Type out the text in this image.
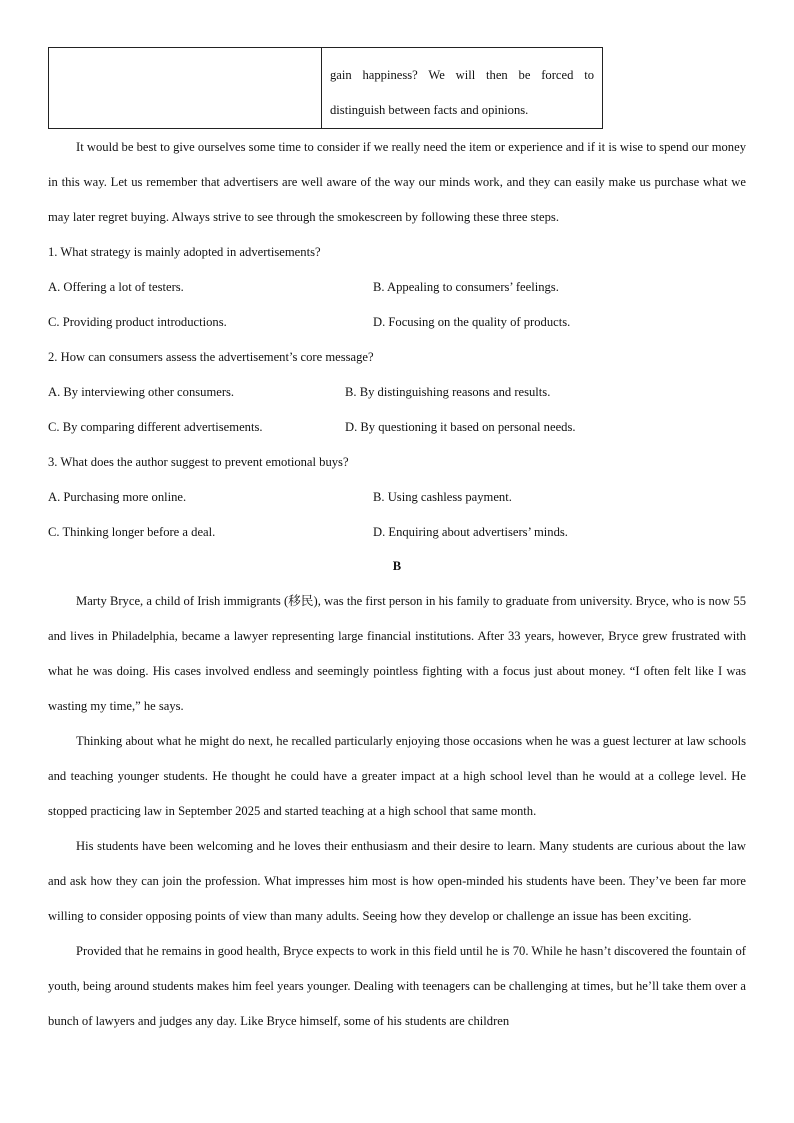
gain happiness? We will then be forced to

distinguish between facts and opinions.

It would be best to give ourselves some time to consider if we really need the item or experience and if it is wise to spend our money in this way. Let us remember that advertisers are well aware of the way our minds work, and they can easily make us purchase what we may later regret buying. Always strive to see through the smokescreen by following these three steps.

1. What strategy is mainly adopted in advertisements?

A. Offering a lot of testers.	B. Appealing to consumers’ feelings.
C. Providing product introductions.	D. Focusing on the quality of products.

2. How can consumers assess the advertisement’s core message?

A. By interviewing other consumers.	B. By distinguishing reasons and results.
C. By comparing different advertisements.	D. By questioning it based on personal needs.

3. What does the author suggest to prevent emotional buys?

A. Purchasing more online.	B. Using cashless payment.
C. Thinking longer before a deal.	D. Enquiring about advertisers’ minds.

B

Marty Bryce, a child of Irish immigrants (移民), was the first person in his family to graduate from university. Bryce, who is now 55 and lives in Philadelphia, became a lawyer representing large financial institutions. After 33 years, however, Bryce grew frustrated with what he was doing. His cases involved endless and seemingly pointless fighting with a focus just about money. “I often felt like I was wasting my time,” he says.

Thinking about what he might do next, he recalled particularly enjoying those occasions when he was a guest lecturer at law schools and teaching younger students. He thought he could have a greater impact at a high school level than he would at a college level. He stopped practicing law in September 2025 and started teaching at a high school that same month.

His students have been welcoming and he loves their enthusiasm and their desire to learn. Many students are curious about the law and ask how they can join the profession. What impresses him most is how open-minded his students have been. They’ve been far more willing to consider opposing points of view than many adults. Seeing how they develop or challenge an issue has been exciting.

Provided that he remains in good health, Bryce expects to work in this field until he is 70. While he hasn’t discovered the fountain of youth, being around students makes him feel years younger. Dealing with teenagers can be challenging at times, but he’ll take them over a bunch of lawyers and judges any day. Like Bryce himself, some of his students are children
